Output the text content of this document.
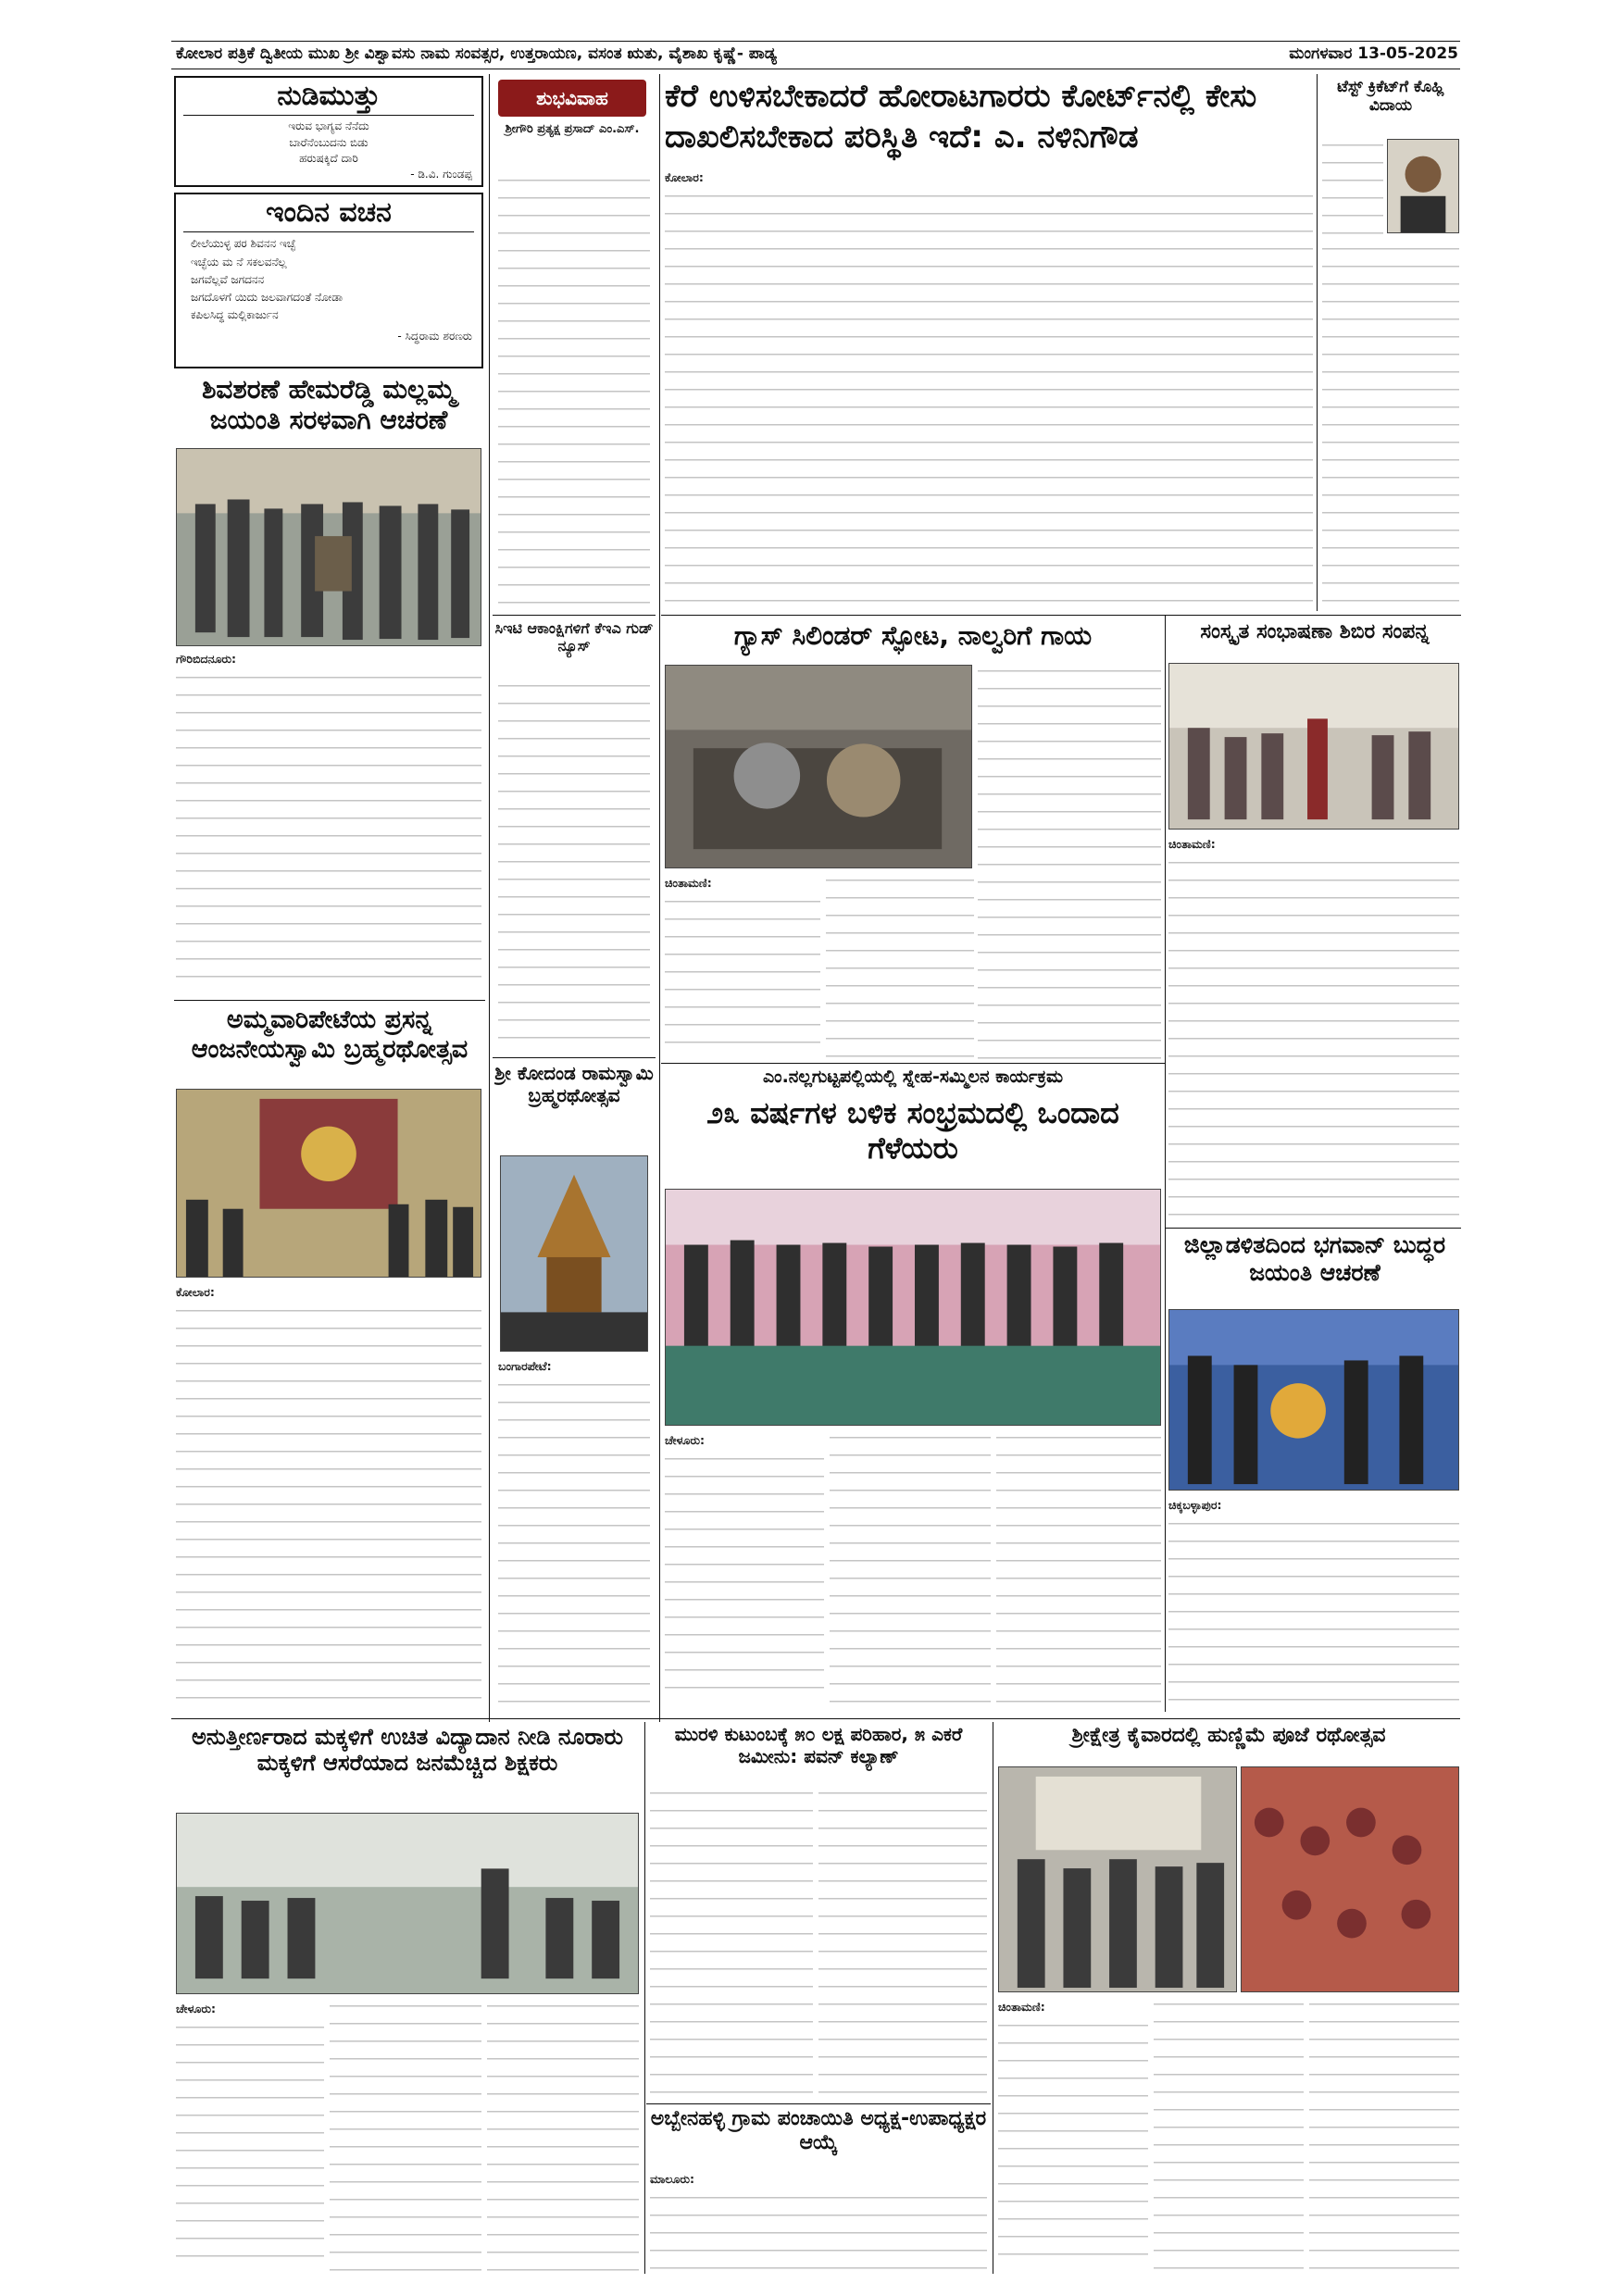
ಕೋಲಾರ ಪತ್ರಿಕೆ ದ್ವಿತೀಯ ಮುಖ ಶ್ರೀ ವಿಶ್ವಾವಸು ನಾಮ ಸಂವತ್ಸರ, ಉತ್ತರಾಯಣ, ವಸಂತ ಋತು, ವೈಶಾಖ ಕೃಷ್ಣೆ- ಪಾಡ್ಯ	ಮಂಗಳವಾರ 13-05-2025
ನುಡಿಮುತ್ತು
ಇರುವ ಭಾಗ್ಯವ ನೆನೆದು
ಬಾರೆನೆಂಬುದನು ಬಿಡು
ಹರುಷಕ್ಕಿದೆ ದಾರಿ
- ಡಿ.ವಿ. ಗುಂಡಪ್ಪ
ಇಂದಿನ ವಚನ
ಲೀಲೆಯುಳ್ಳ ಪರ ಶಿವನನ ಇಚ್ಛೆ
ಇಚ್ಛೆಯ ಮ ನೆ ಸಕಲವನೆಲ್ಲ
ಜಗವೆಲ್ಲವೆ ಜಗದನನ
ಜಗದೊಳಗೆ ಯಿದು ಜಲವಾಗದಂತೆ ನೋಡಾ
ಕಪಿಲಸಿದ್ಧ ಮಲ್ಲಿಕಾರ್ಜುನ
- ಸಿದ್ಧರಾಮ ಶರಣರು
ಶಿವಶರಣೆ ಹೇಮರೆಡ್ಡಿ ಮಲ್ಲಮ್ಮ ಜಯಂತಿ ಸರಳವಾಗಿ ಆಚರಣೆ

ಗೌರಿಬಿದನೂರು:

ಅಮ್ಮವಾರಿಪೇಟೆಯ ಪ್ರಸನ್ನ ಆಂಜನೇಯಸ್ವಾಮಿ ಬ್ರಹ್ಮರಥೋತ್ಸವ

ಕೋಲಾರ:

ಶುಭವಿವಾಹ
ಶ್ರೀಗೌರಿ ಪ್ರತ್ಯಕ್ಷ ಪ್ರಸಾದ್ ಎಂ.ಎಸ್.
ಸಿಇಟಿ ಆಕಾಂಕ್ಷಿಗಳಿಗೆ ಕೆಇಎ ಗುಡ್ ನ್ಯೂಸ್
ಶ್ರೀ ಕೋದಂಡ ರಾಮಸ್ವಾಮಿ ಬ್ರಹ್ಮರಥೋತ್ಸವ

ಬಂಗಾರಪೇಟೆ:

ಕೆರೆ ಉಳಿಸಬೇಕಾದರೆ ಹೋರಾಟಗಾರರು ಕೋರ್ಟ್‌ನಲ್ಲಿ ಕೇಸು ದಾಖಲಿಸಬೇಕಾದ ಪರಿಸ್ಥಿತಿ ಇದೆ: ಎ. ನಳಿನಿಗೌಡ

ಕೋಲಾರ:

ಟೆಸ್ಟ್ ಕ್ರಿಕೆಟ್‌ಗೆ ಕೊಹ್ಲಿ ವಿದಾಯ
ಗ್ಯಾಸ್ ಸಿಲಿಂಡರ್ ಸ್ಫೋಟ, ನಾಲ್ವರಿಗೆ ಗಾಯ

ಚಿಂತಾಮಣಿ:

ಸಂಸ್ಕೃತ ಸಂಭಾಷಣಾ ಶಿಬಿರ ಸಂಪನ್ನ

ಚಿಂತಾಮಣಿ:

ಎಂ.ನಲ್ಲಗುಟ್ಟಪಲ್ಲಿಯಲ್ಲಿ ಸ್ನೇಹ-ಸಮ್ಮಿಲನ ಕಾರ್ಯಕ್ರಮ
೨೩ ವರ್ಷಗಳ ಬಳಿಕ ಸಂಭ್ರಮದಲ್ಲಿ ಒಂದಾದ ಗೆಳೆಯರು

ಚೇಳೂರು:

ಜಿಲ್ಲಾಡಳಿತದಿಂದ ಭಗವಾನ್ ಬುದ್ಧರ ಜಯಂತಿ ಆಚರಣೆ

ಚಿಕ್ಕಬಳ್ಳಾಪುರ:

ಅನುತ್ತೀರ್ಣರಾದ ಮಕ್ಕಳಿಗೆ ಉಚಿತ ವಿದ್ಯಾದಾನ ನೀಡಿ ನೂರಾರು ಮಕ್ಕಳಿಗೆ ಆಸರೆಯಾದ ಜನಮೆಚ್ಚಿದ ಶಿಕ್ಷಕರು

ಚೇಳೂರು:

ಮುರಳಿ ಕುಟುಂಬಕ್ಕೆ ೫೦ ಲಕ್ಷ ಪರಿಹಾರ, ೫ ಎಕರೆ ಜಮೀನು: ಪವನ್ ಕಲ್ಯಾಣ್
ಅಬ್ಬೇನಹಳ್ಳಿ ಗ್ರಾಮ ಪಂಚಾಯಿತಿ ಅಧ್ಯಕ್ಷ-ಉಪಾಧ್ಯಕ್ಷರ ಆಯ್ಕೆ

ಮಾಲೂರು:

ಶ್ರೀಕ್ಷೇತ್ರ ಕೈವಾರದಲ್ಲಿ ಹುಣ್ಣಿಮೆ ಪೂಜೆ ರಥೋತ್ಸವ

ಚಿಂತಾಮಣಿ:
